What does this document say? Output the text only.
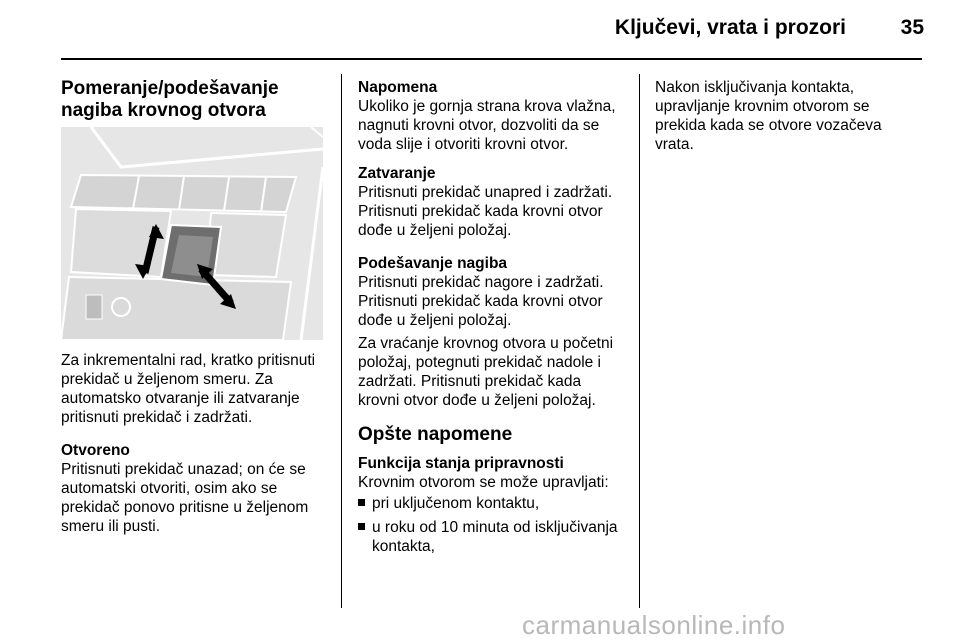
Ključevi, vrata i prozori	35
Pomeranje/podešavanje nagiba krovnog otvora

Za inkrementalni rad, kratko pritisnuti prekidač u željenom smeru. Za automatsko otvaranje ili zatvaranje pritisnuti prekidač i zadržati.

Otvoreno
Pritisnuti prekidač unazad; on će se automatski otvoriti, osim ako se prekidač ponovo pritisne u željenom smeru ili pusti.

Napomena
Ukoliko je gornja strana krova vlažna, nagnuti krovni otvor, dozvoliti da se voda slije i otvoriti krovni otvor.

Zatvaranje
Pritisnuti prekidač unapred i zadržati. Pritisnuti prekidač kada krovni otvor dođe u željeni položaj.

Podešavanje nagiba
Pritisnuti prekidač nagore i zadržati. Pritisnuti prekidač kada krovni otvor dođe u željeni položaj.

Za vraćanje krovnog otvora u početni položaj, potegnuti prekidač nadole i zadržati. Pritisnuti prekidač kada krovni otvor dođe u željeni položaj.

Opšte napomene
Funkcija stanja pripravnosti
Krovnim otvorom se može upravljati:
pri uključenom kontaktu,
u roku od 10 minuta od isključivanja kontakta,

Nakon isključivanja kontakta, upravljanje krovnim otvorom se prekida kada se otvore vozačeva vrata.

carmanualsonline.info
